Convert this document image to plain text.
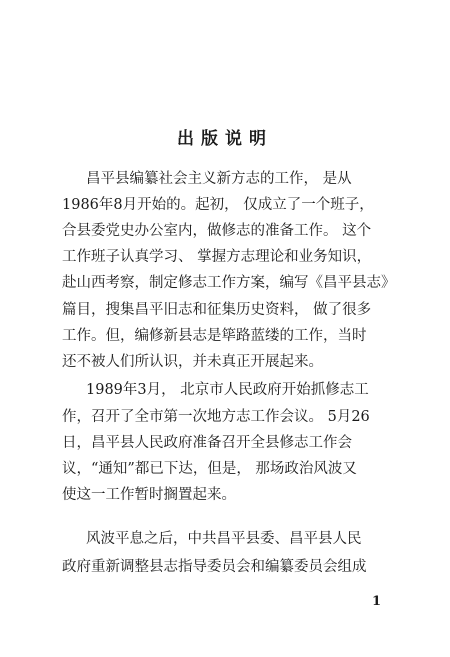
出版说明
昌平县编纂社会主义新方志的工作， 是从
1986年8月开始的。起初， 仅成立了一个班子，
合县委党史办公室内，做修志的准备工作。 这个
工作班子认真学习、 掌握方志理论和业务知识，
赴山西考察，制定修志工作方案，编写《昌平县志》
篇目，搜集昌平旧志和征集历史资料， 做了很多
工作。但，编修新县志是筚路蓝缕的工作，当时
还不被人们所认识，并未真正开展起来。
1989年3月， 北京市人民政府开始抓修志工
作，召开了全市第一次地方志工作会议。 5月26
日，昌平县人民政府准备召开全县修志工作会
议，“通知”都已下达，但是， 那场政治风波又
使这一工作暂时搁置起来。
风波平息之后，中共昌平县委、昌平县人民
政府重新调整县志指导委员会和编纂委员会组成
1
